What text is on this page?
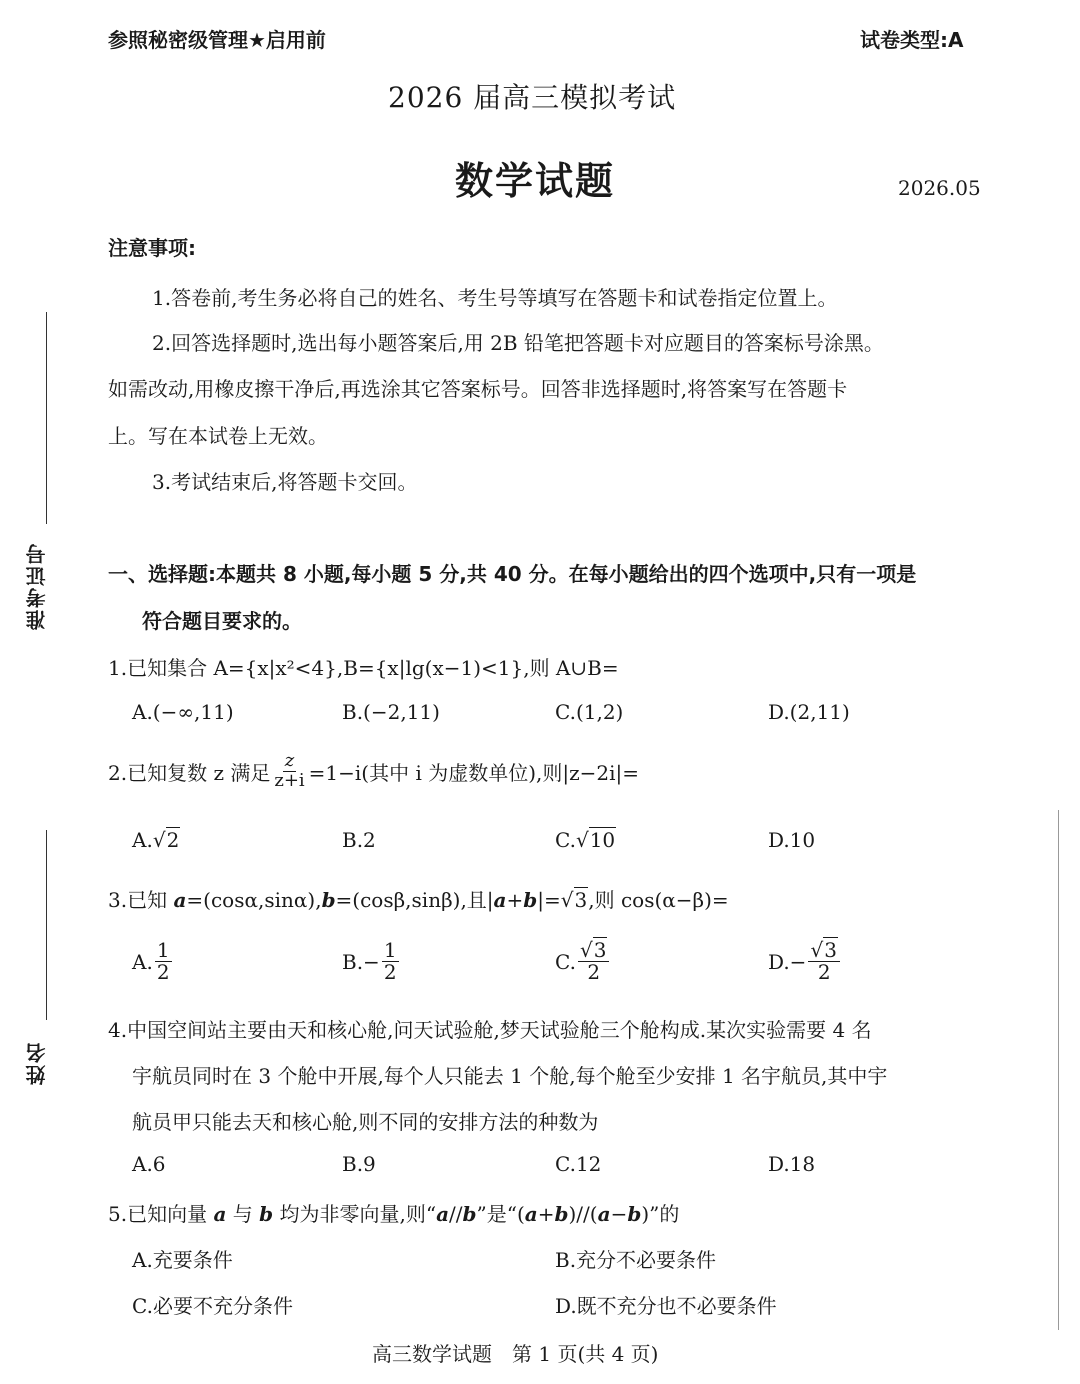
准考证号
姓名
参照秘密级管理★启用前	试卷类型:A
2026 届高三模拟考试
数学试题	2026.05
注意事项:
1.答卷前,考生务必将自己的姓名、考生号等填写在答题卡和试卷指定位置上。
2.回答选择题时,选出每小题答案后,用 2B 铅笔把答题卡对应题目的答案标号涂黑。
如需改动,用橡皮擦干净后,再选涂其它答案标号。回答非选择题时,将答案写在答题卡
上。写在本试卷上无效。
3.考试结束后,将答题卡交回。
一、选择题:本题共 8 小题,每小题 5 分,共 40 分。在每小题给出的四个选项中,只有一项是
符合题目要求的。
1.已知集合 A={x|x²<4},B={x|lg(x−1)<1},则 A∪B=
A.(−∞,11)	B.(−2,11)	C.(1,2)	D.(2,11)
2.已知复数 z 满足 $\frac{z}{z+i} =1-i$(其中 i 为虚数单位),则|z−2i|=
A.√2	B.2	C.√10	D.10
3.已知 a=(cosα,sinα),b=(cosβ,sinβ),且|a+b|=√3,则 cos(α−β)=
A. $\frac{1}{2}$	$B.- \frac{1}{2}$	C. $\frac{√3}{2}$	$D.- \frac{√3}{2}$
4.中国空间站主要由天和核心舱,问天试验舱,梦天试验舱三个舱构成.某次实验需要 4 名
宇航员同时在 3 个舱中开展,每个人只能去 1 个舱,每个舱至少安排 1 名宇航员,其中宇
航员甲只能去天和核心舱,则不同的安排方法的种数为
A.6	B.9	C.12	D.18
5.已知向量 a 与 b 均为非零向量,则“a//b”是“(a+b)//(a−b)”的
A.充要条件	B.充分不必要条件
C.必要不充分条件	D.既不充分也不必要条件
高三数学试题　第 1 页(共 4 页)
